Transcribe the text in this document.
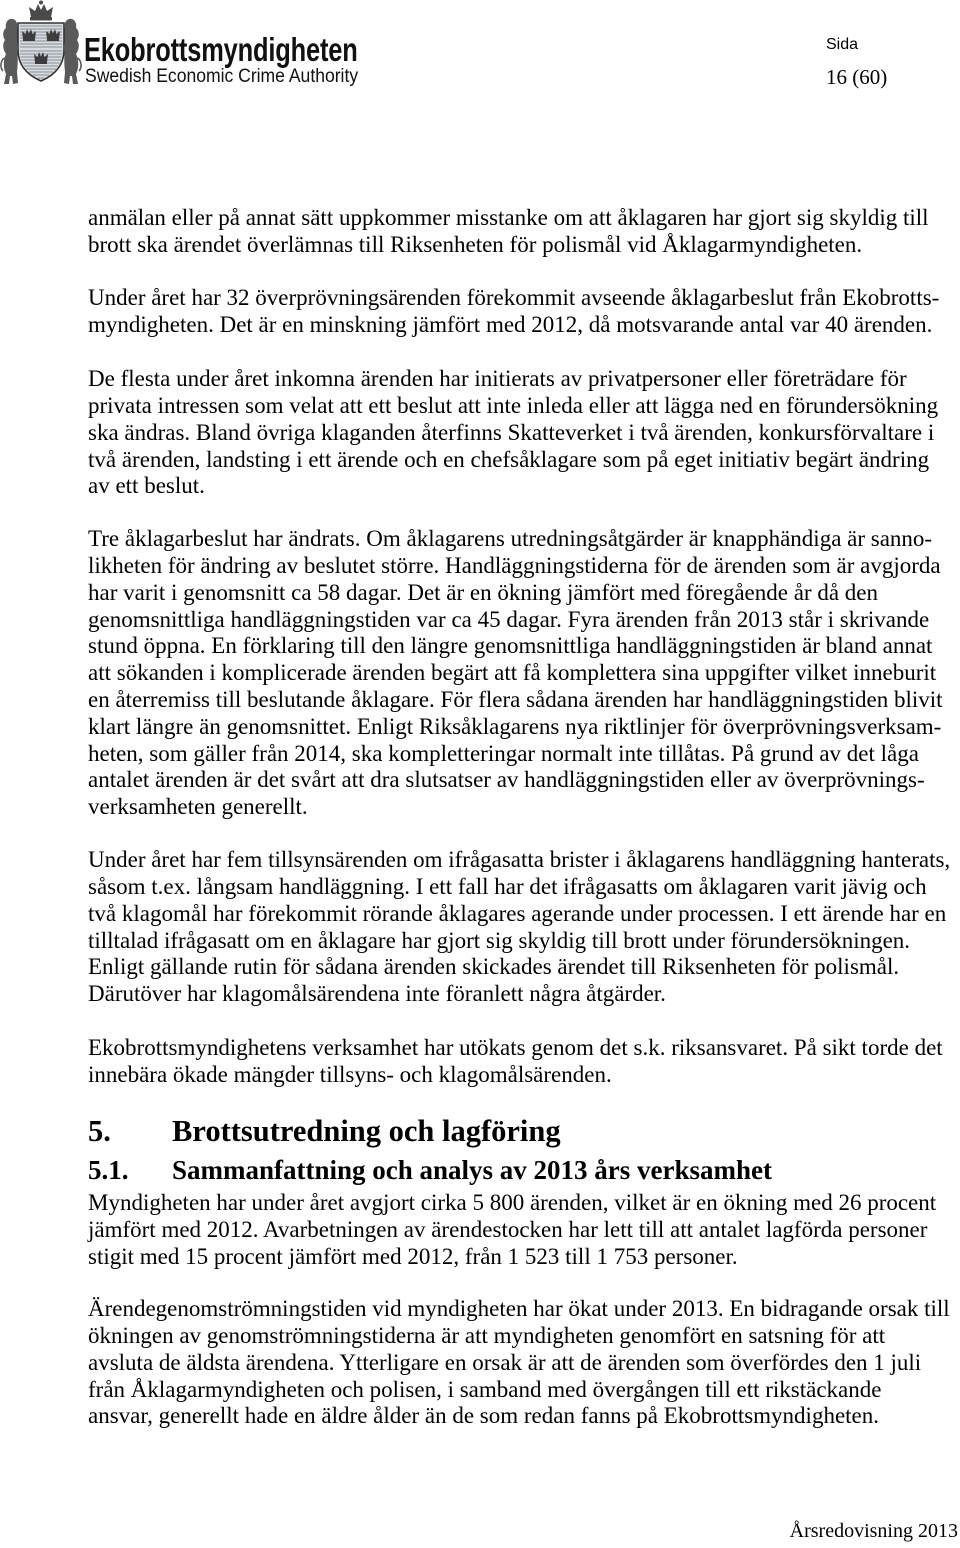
Ekobrottsmyndigheten
Swedish Economic Crime Authority
Sida
16 (60)
anmälan eller på annat sätt uppkommer misstanke om att åklagaren har gjort sig skyldig till
brott ska ärendet överlämnas till Riksenheten för polismål vid Åklagarmyndigheten.
Under året har 32 överprövningsärenden förekommit avseende åklagarbeslut från Ekobrotts-
myndigheten. Det är en minskning jämfört med 2012, då motsvarande antal var 40 ärenden.
De flesta under året inkomna ärenden har initierats av privatpersoner eller företrädare för
privata intressen som velat att ett beslut att inte inleda eller att lägga ned en förundersökning
ska ändras. Bland övriga klaganden återfinns Skatteverket i två ärenden, konkursförvaltare i
två ärenden, landsting i ett ärende och en chefsåklagare som på eget initiativ begärt ändring
av ett beslut.
Tre åklagarbeslut har ändrats. Om åklagarens utredningsåtgärder är knapphändiga är sanno-
likheten för ändring av beslutet större. Handläggningstiderna för de ärenden som är avgjorda
har varit i genomsnitt ca 58 dagar. Det är en ökning jämfört med föregående år då den
genomsnittliga handläggningstiden var ca 45 dagar. Fyra ärenden från 2013 står i skrivande
stund öppna. En förklaring till den längre genomsnittliga handläggningstiden är bland annat
att sökanden i komplicerade ärenden begärt att få komplettera sina uppgifter vilket inneburit
en återremiss till beslutande åklagare. För flera sådana ärenden har handläggningstiden blivit
klart längre än genomsnittet. Enligt Riksåklagarens nya riktlinjer för överprövningsverksam-
heten, som gäller från 2014, ska kompletteringar normalt inte tillåtas. På grund av det låga
antalet ärenden är det svårt att dra slutsatser av handläggningstiden eller av överprövnings-
verksamheten generellt.
Under året har fem tillsynsärenden om ifrågasatta brister i åklagarens handläggning hanterats,
såsom t.ex. långsam handläggning. I ett fall har det ifrågasatts om åklagaren varit jävig och
två klagomål har förekommit rörande åklagares agerande under processen. I ett ärende har en
tilltalad ifrågasatt om en åklagare har gjort sig skyldig till brott under förundersökningen.
Enligt gällande rutin för sådana ärenden skickades ärendet till Riksenheten för polismål.
Därutöver har klagomålsärendena inte föranlett några åtgärder.
Ekobrottsmyndighetens verksamhet har utökats genom det s.k. riksansvaret. På sikt torde det
innebära ökade mängder tillsyns- och klagomålsärenden.
5. Brottsutredning och lagföring
5.1. Sammanfattning och analys av 2013 års verksamhet
Myndigheten har under året avgjort cirka 5 800 ärenden, vilket är en ökning med 26 procent
jämfört med 2012. Avarbetningen av ärendestocken har lett till att antalet lagförda personer
stigit med 15 procent jämfört med 2012, från 1 523 till 1 753 personer.
Ärendegenomströmningstiden vid myndigheten har ökat under 2013. En bidragande orsak till
ökningen av genomströmningstiderna är att myndigheten genomfört en satsning för att
avsluta de äldsta ärendena. Ytterligare en orsak är att de ärenden som överfördes den 1 juli
från Åklagarmyndigheten och polisen, i samband med övergången till ett rikstäckande
ansvar, generellt hade en äldre ålder än de som redan fanns på Ekobrottsmyndigheten.
Årsredovisning 2013
